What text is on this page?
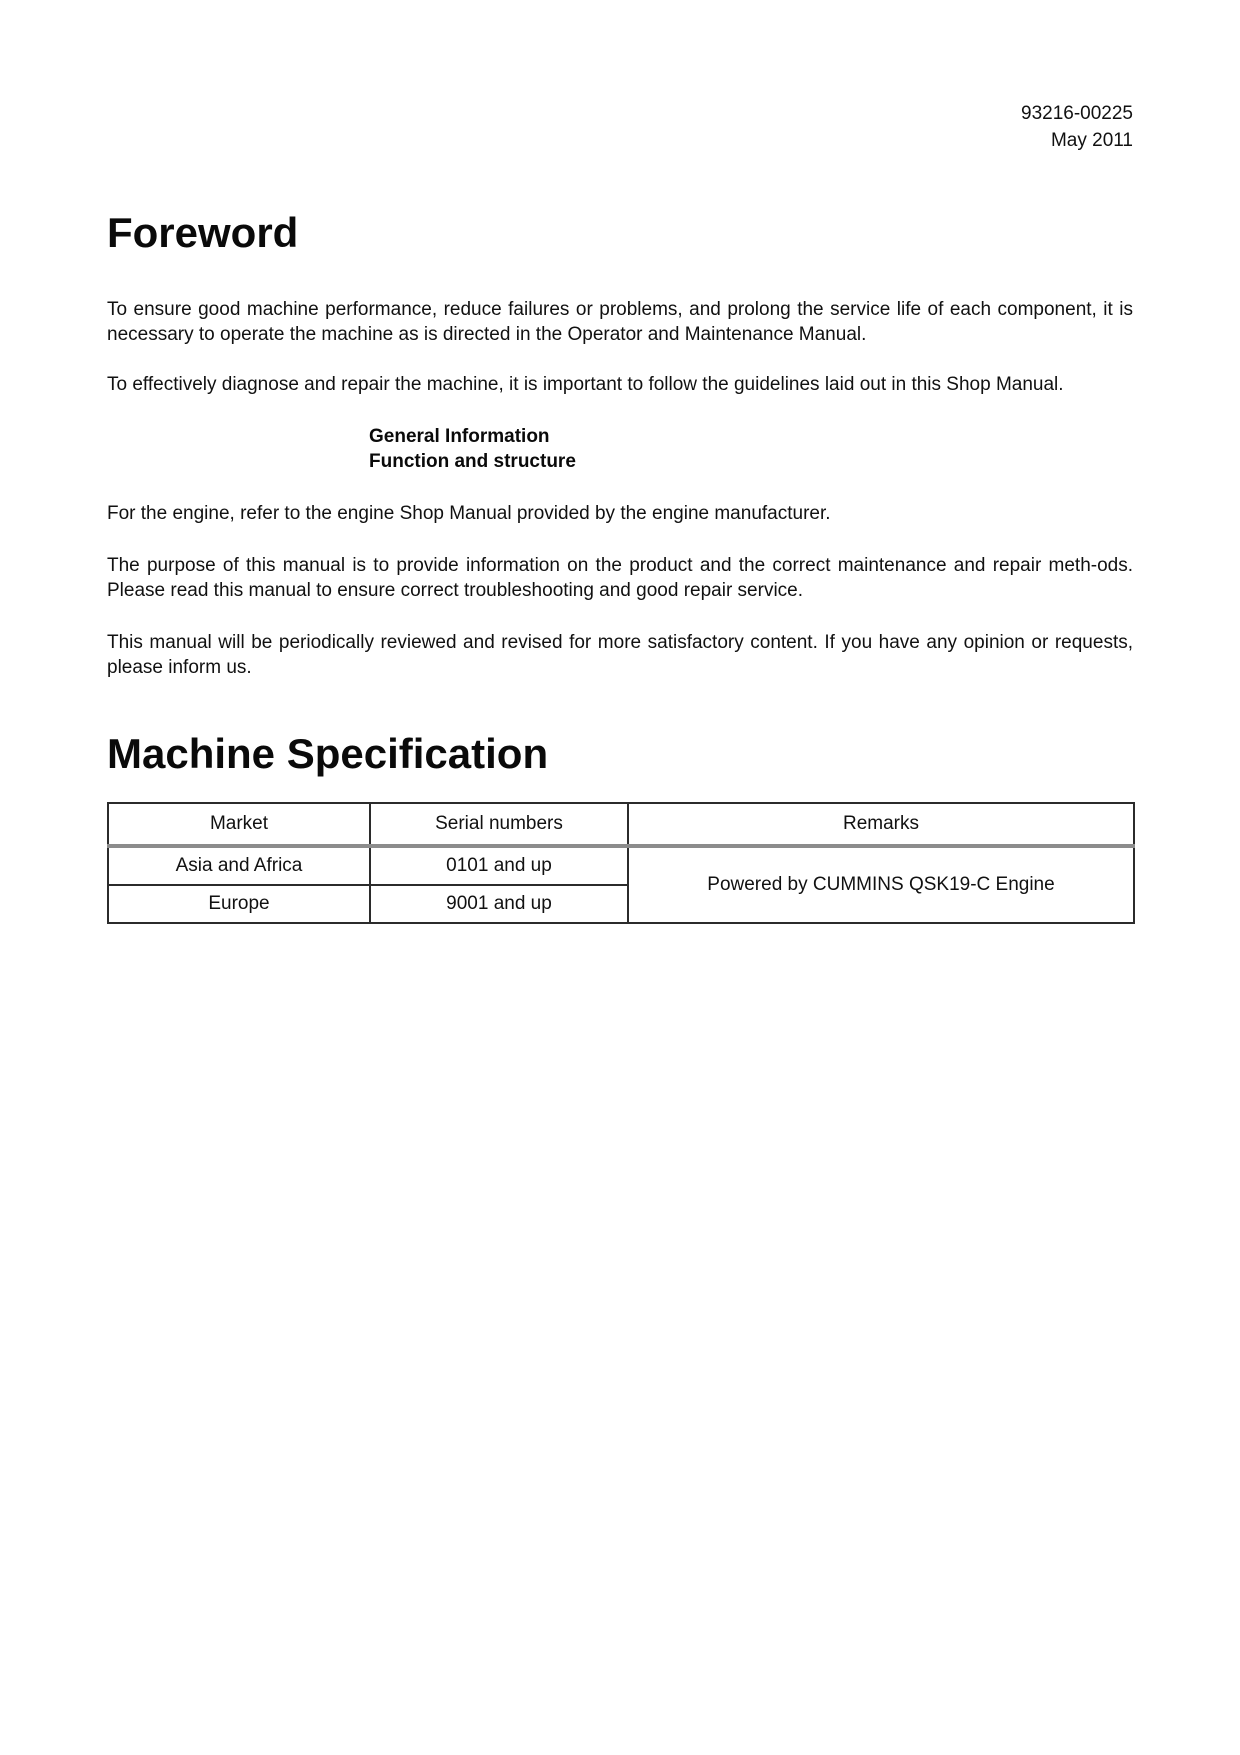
93216-00225
May 2011
Foreword

To ensure good machine performance, reduce failures or problems, and prolong the service life of each component, it is necessary to operate the machine as is directed in the Operator and Maintenance Manual.

To effectively diagnose and repair the machine, it is important to follow the guidelines laid out in this Shop Manual.

General Information
Function and structure

For the engine, refer to the engine Shop Manual provided by the engine manufacturer.

The purpose of this manual is to provide information on the product and the correct maintenance and repair meth-ods. Please read this manual to ensure correct troubleshooting and good repair service.

This manual will be periodically reviewed and revised for more satisfactory content. If you have any opinion or requests, please inform us.

Machine Specification
Market	Serial numbers	Remarks
Asia and Africa	0101 and up	Powered by CUMMINS QSK19-C Engine
Europe	9001 and up	
